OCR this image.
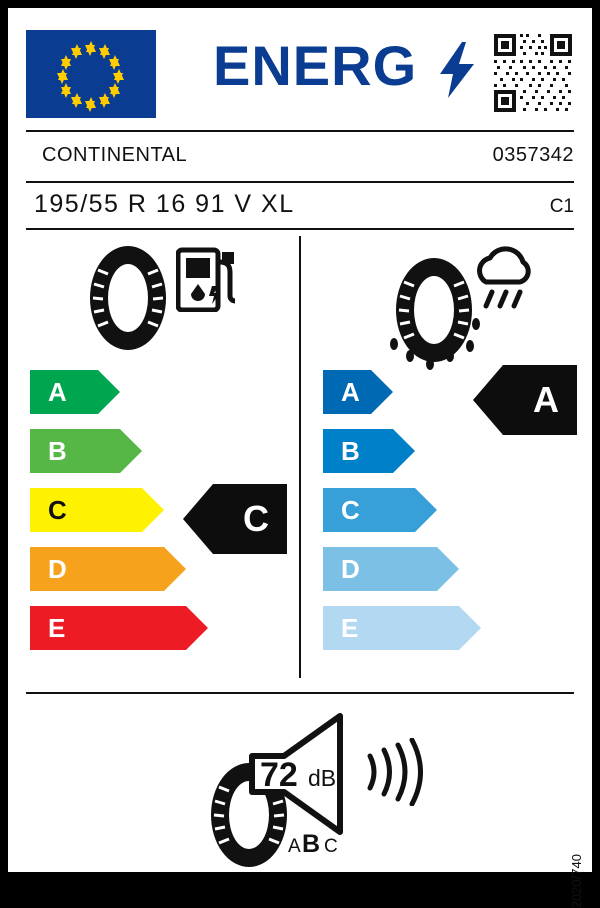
ENERG
CONTINENTAL	0357342
195/55 R 16 91 V XL	C1
A
B
C
D
E
C
A
B
C
D
E
A
72 dB
A B C
2020/740
